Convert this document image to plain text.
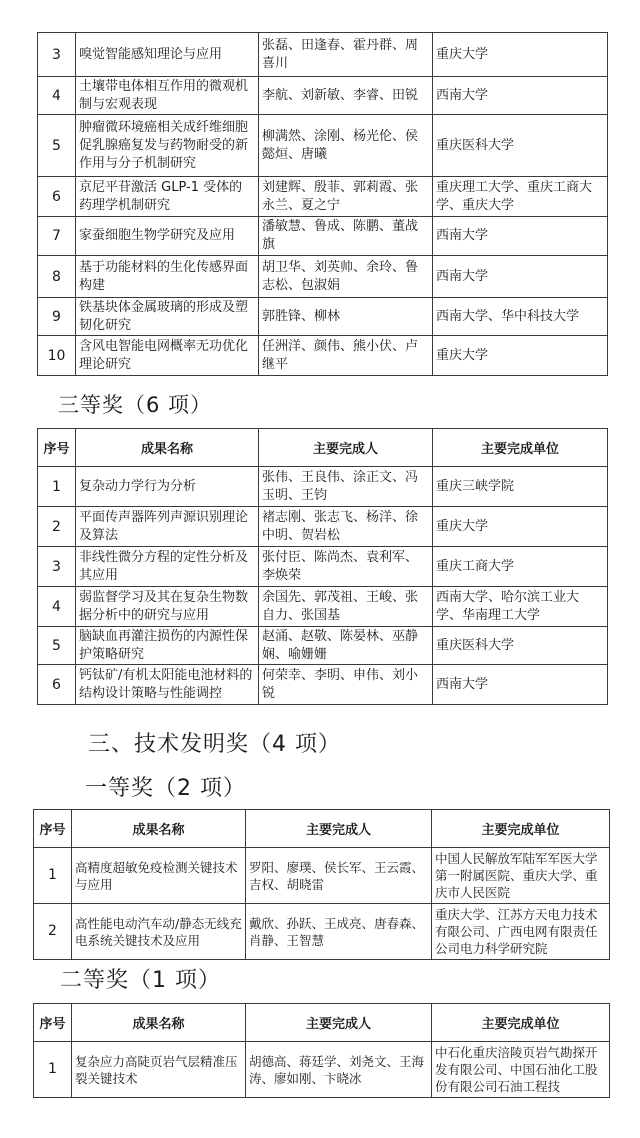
3	嗅觉智能感知理论与应用	张磊、田逢春、霍丹群、周喜川	重庆大学
4	土壤带电体相互作用的微观机制与宏观表现	李航、刘新敏、李睿、田锐	西南大学
5	肿瘤微环境癌相关成纤维细胞促乳腺癌复发与药物耐受的新作用与分子机制研究	柳满然、涂刚、杨光伦、侯懿烜、唐曦	重庆医科大学
6	京尼平苷激活 GLP-1 受体的药理学机制研究	刘建辉、殷菲、郭莉霞、张永兰、夏之宁	重庆理工大学、重庆工商大学、重庆大学
7	家蚕细胞生物学研究及应用	潘敏慧、鲁成、陈鹏、董战旗	西南大学
8	基于功能材料的生化传感界面构建	胡卫华、刘英帅、余玲、鲁志松、包淑娟	西南大学
9	铁基块体金属玻璃的形成及塑韧化研究	郭胜锋、柳林	西南大学、华中科技大学
10	含风电智能电网概率无功优化理论研究	任洲洋、颜伟、熊小伏、卢继平	重庆大学
三等奖（6 项）
序号	成果名称	主要完成人	主要完成单位
1	复杂动力学行为分析	张伟、王良伟、涂正文、冯玉明、王钧	重庆三峡学院
2	平面传声器阵列声源识别理论及算法	褚志刚、张志飞、杨洋、徐中明、贺岩松	重庆大学
3	非线性微分方程的定性分析及其应用	张付臣、陈尚杰、袁利军、李焕荣	重庆工商大学
4	弱监督学习及其在复杂生物数据分析中的研究与应用	余国先、郭茂祖、王峻、张自力、张国基	西南大学、哈尔滨工业大学、华南理工大学
5	脑缺血再灌注损伤的内源性保护策略研究	赵涌、赵敬、陈晏林、巫静娴、喻姗姗	重庆医科大学
6	钙钛矿/有机太阳能电池材料的结构设计策略与性能调控	何荣幸、李明、申伟、刘小锐	西南大学
三、技术发明奖（4 项）
一等奖（2 项）
序号	成果名称	主要完成人	主要完成单位
1	高精度超敏免疫检测关键技术与应用	罗阳、廖璞、侯长军、王云霞、吉权、胡晓雷	中国人民解放军陆军军医大学第一附属医院、重庆大学、重庆市人民医院
2	高性能电动汽车动/静态无线充电系统关键技术及应用	戴欣、孙跃、王成亮、唐春森、肖静、王智慧	重庆大学、江苏方天电力技术有限公司、广西电网有限责任公司电力科学研究院
二等奖（1 项）
序号	成果名称	主要完成人	主要完成单位
1	复杂应力高陡页岩气层精准压裂关键技术	胡德高、蒋廷学、刘尧文、王海涛、廖如刚、卞晓冰	中石化重庆涪陵页岩气勘探开发有限公司、中国石油化工股份有限公司石油工程技
